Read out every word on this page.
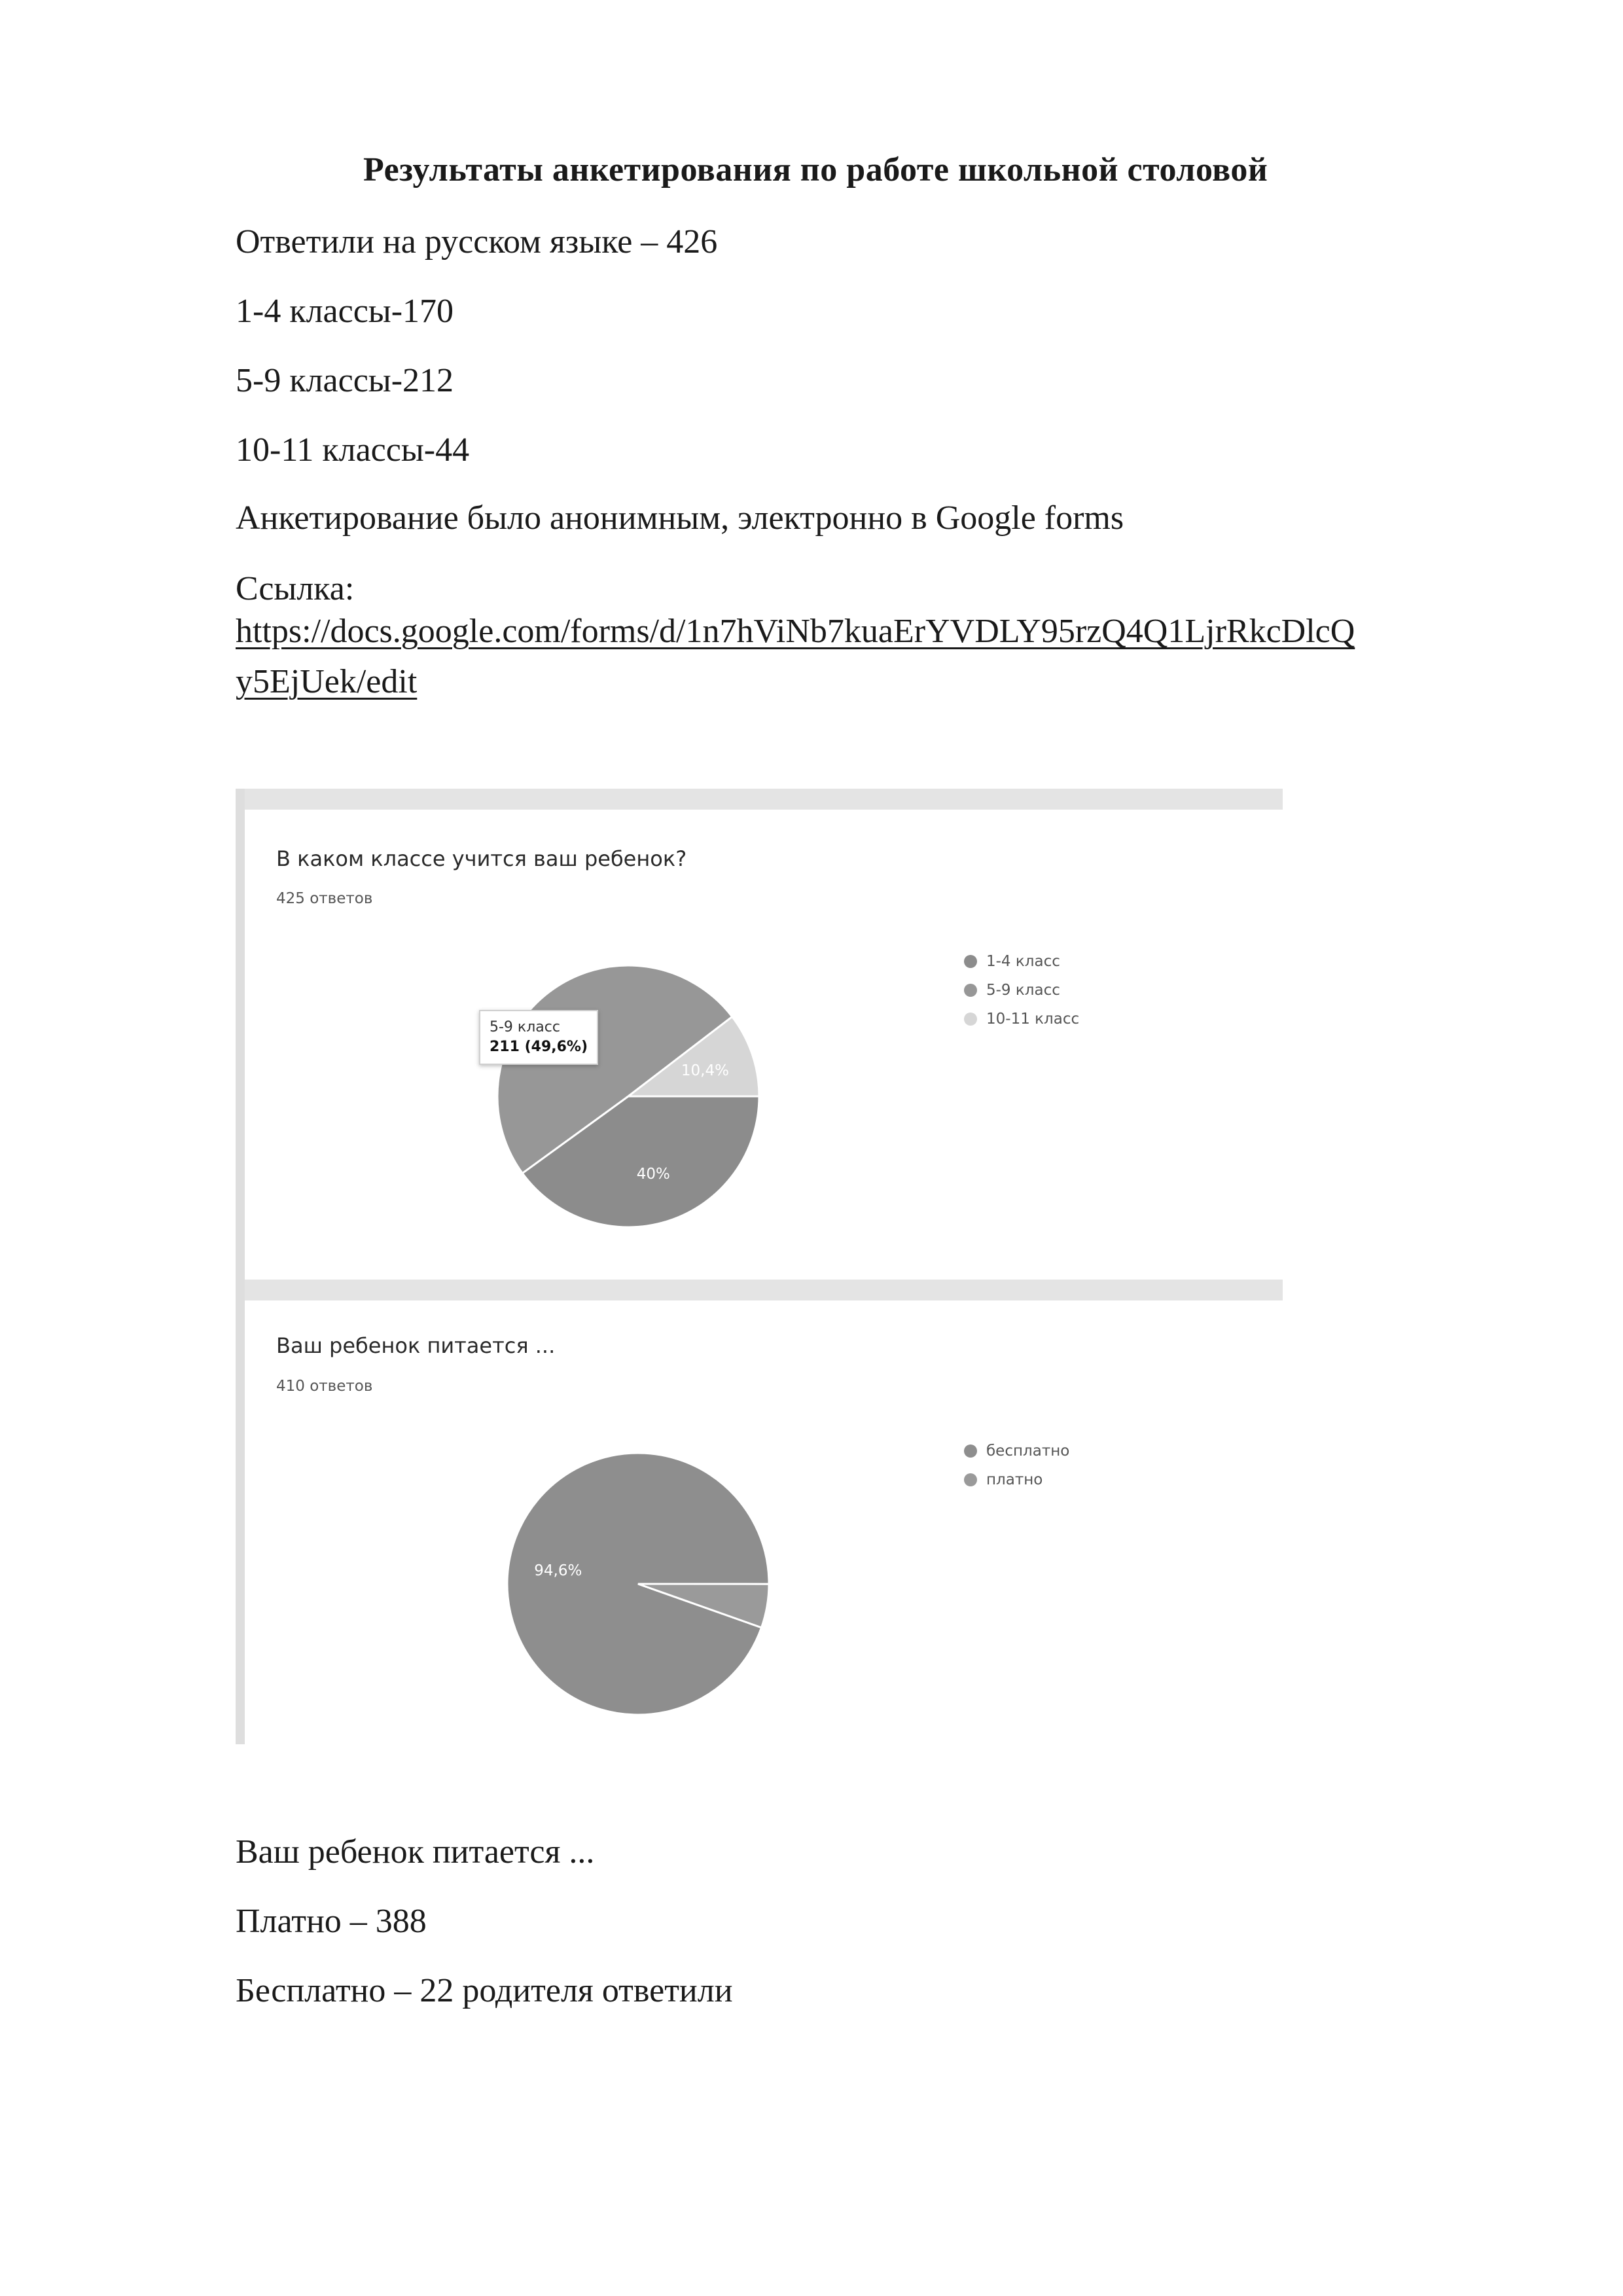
Результаты анкетирования по работе школьной столовой
Ответили на русском языке – 426
1-4 классы-170
5-9 классы-212
10-11 классы-44
Анкетирование было анонимным, электронно в Google forms
Ссылка:
https://docs.google.com/forms/d/1n7hViNb7kuaErYVDLY95rzQ4Q1LjrRkcDlcQ
y5EjUek/edit
В каком классе учится ваш ребенок?
425 ответов
40%
10,4%
5-9 класс
211 (49,6%)
1-4 класс
5-9 класс
10-11 класс
Ваш ребенок питается ...
410 ответов
94,6%
бесплатно
платно
Ваш ребенок питается ...
Платно – 388
Бесплатно – 22 родителя ответили
